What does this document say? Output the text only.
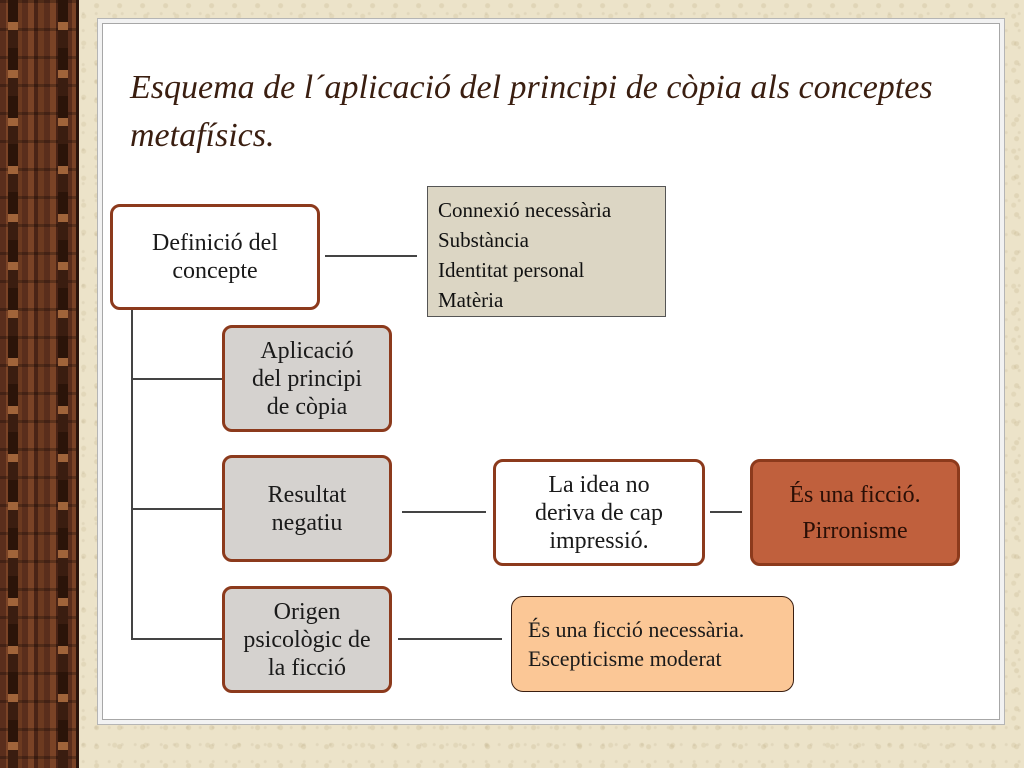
Esquema de l´aplicació del principi de còpia als conceptes metafísics.
Definició del
concepte
Connexió necessària
Substància
Identitat personal
Matèria
Aplicació
del principi
de còpia
Resultat
negatiu
La idea no
deriva de cap
impressió.
És una ficció.
Pirronisme
Origen
psicològic de
la ficció
És una ficció necessària.
Escepticisme moderat
